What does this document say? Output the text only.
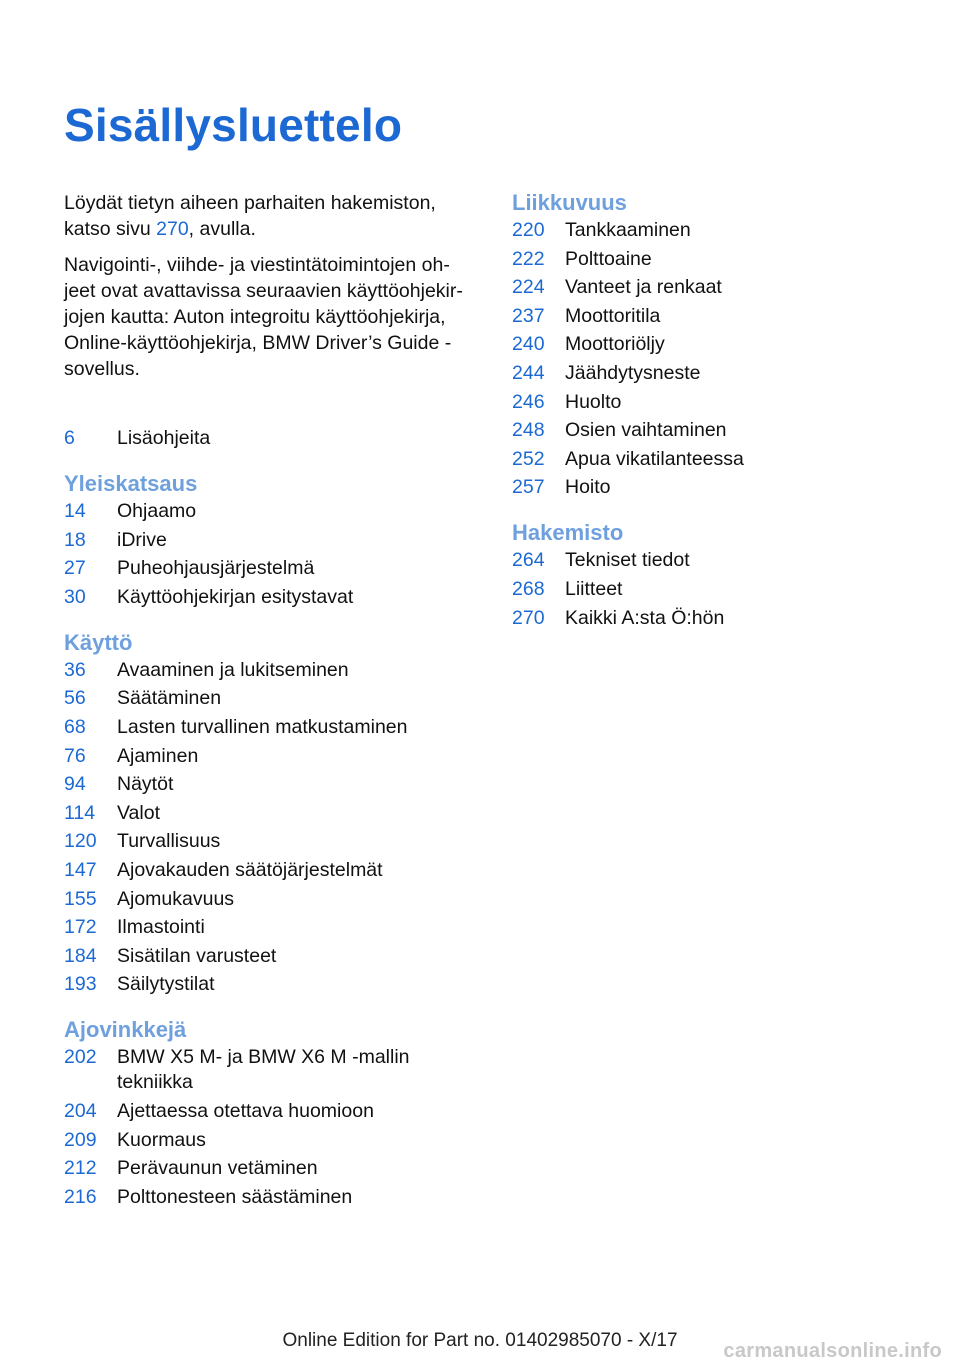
Sisällysluettelo

Löydät tietyn aiheen parhaiten hakemiston, katso sivu 270, avulla.

Navigointi-, viihde- ja viestintätoimintojen ohjeet ovat avattavissa seuraavien käyttöohjekirjojen kautta: Auton integroitu käyttöohjekirja, Online-käyttöohjekirja, BMW Driver’s Guide -sovellus.

6	Lisäohjeita
Yleiskatsaus
14	Ohjaamo
18	iDrive
27	Puheohjausjärjestelmä
30	Käyttöohjekirjan esitystavat
Käyttö
36	Avaaminen ja lukitseminen
56	Säätäminen
68	Lasten turvallinen matkustaminen
76	Ajaminen
94	Näytöt
114	Valot
120	Turvallisuus
147	Ajovakauden säätöjärjestelmät
155	Ajomukavuus
172	Ilmastointi
184	Sisätilan varusteet
193	Säilytystilat
Ajovinkkejä
202	BMW X5 M- ja BMW X6 M -mallin tekniikka
204	Ajettaessa otettava huomioon
209	Kuormaus
212	Perävaunun vetäminen
216	Polttonesteen säästäminen
Liikkuvuus
220	Tankkaaminen
222	Polttoaine
224	Vanteet ja renkaat
237	Moottoritila
240	Moottoriöljy
244	Jäähdytysneste
246	Huolto
248	Osien vaihtaminen
252	Apua vikatilanteessa
257	Hoito
Hakemisto
264	Tekniset tiedot
268	Liitteet
270	Kaikki A:sta Ö:hön
Online Edition for Part no. 01402985070 - X/17	carmanualsonline.info
